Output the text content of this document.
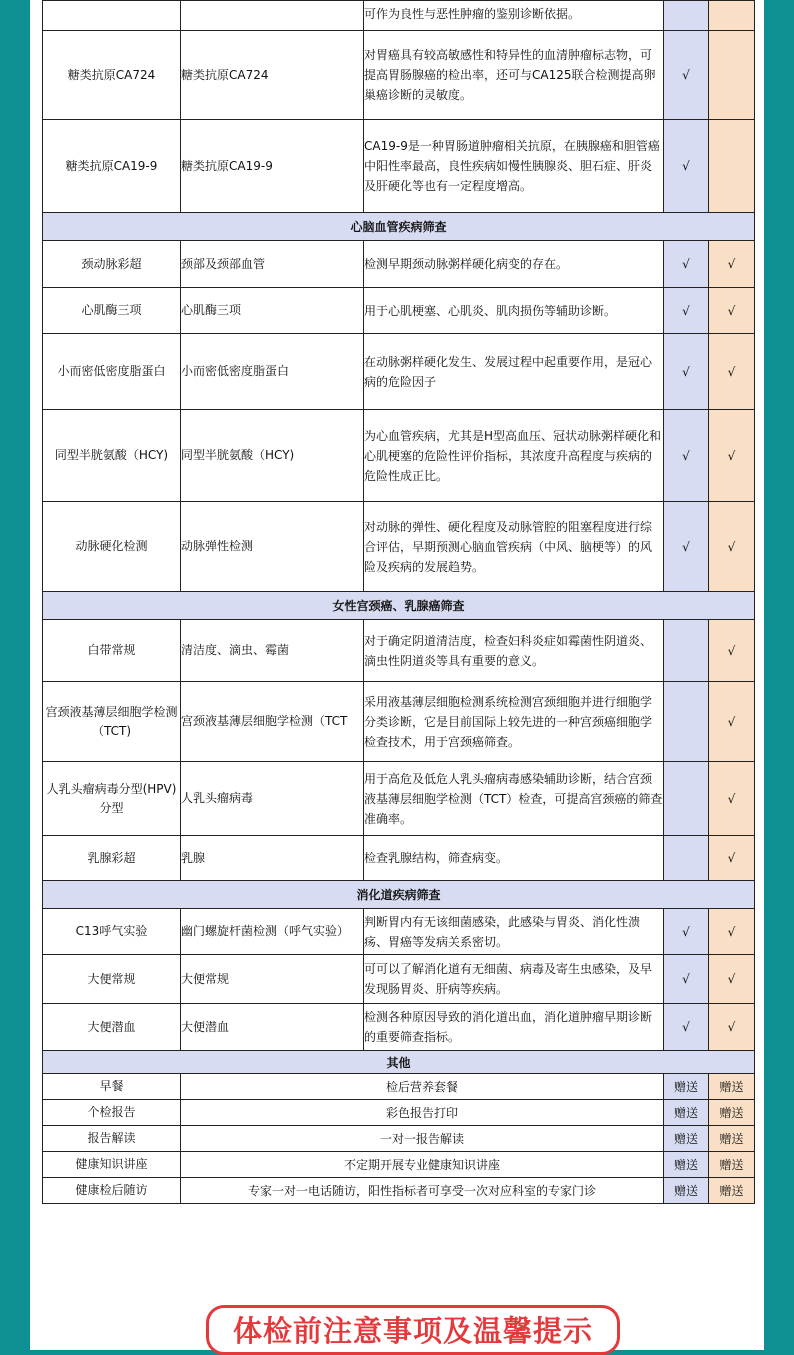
		可作为良性与恶性肿瘤的鉴别诊断依据。		
糖类抗原CA724	糖类抗原CA724	对胃癌具有较高敏感性和特异性的血清肿瘤标志物，可提高胃肠腺癌的检出率，还可与CA125联合检测提高卵巢癌诊断的灵敏度。	√	
糖类抗原CA19-9	糖类抗原CA19-9	CA19-9是一种胃肠道肿瘤相关抗原，在胰腺癌和胆管癌中阳性率最高，良性疾病如慢性胰腺炎、胆石症、肝炎及肝硬化等也有一定程度增高。	√	
心脑血管疾病筛查				
颈动脉彩超	颈部及颈部血管	检测早期颈动脉粥样硬化病变的存在。	√	√
心肌酶三项	心肌酶三项	用于心肌梗塞、心肌炎、肌肉损伤等辅助诊断。	√	√
小而密低密度脂蛋白	小而密低密度脂蛋白	在动脉粥样硬化发生、发展过程中起重要作用，是冠心病的危险因子	√	√
同型半胱氨酸（HCY)	同型半胱氨酸（HCY)	为心血管疾病，尤其是H型高血压、冠状动脉粥样硬化和心肌梗塞的危险性评价指标，其浓度升高程度与疾病的危险性成正比。	√	√
动脉硬化检测	动脉弹性检测	对动脉的弹性、硬化程度及动脉管腔的阻塞程度进行综合评估，早期预测心脑血管疾病（中风、脑梗等）的风险及疾病的发展趋势。	√	√
女性宫颈癌、乳腺癌筛查				
白带常规	清洁度、滴虫、霉菌	对于确定阴道清洁度，检查妇科炎症如霉菌性阴道炎、滴虫性阴道炎等具有重要的意义。		√
宫颈液基薄层细胞学检测（TCT)	宫颈液基薄层细胞学检测（TCT	采用液基薄层细胞检测系统检测宫颈细胞并进行细胞学分类诊断，它是目前国际上较先进的一种宫颈癌细胞学检查技术，用于宫颈癌筛查。		√
人乳头瘤病毒分型(HPV)分型	人乳头瘤病毒	用于高危及低危人乳头瘤病毒感染辅助诊断，结合宫颈液基薄层细胞学检测（TCT）检查，可提高宫颈癌的筛查准确率。		√
乳腺彩超	乳腺	检查乳腺结构，筛查病变。		√
消化道疾病筛查				
C13呼气实验	幽门螺旋杆菌检测（呼气实验）	判断胃内有无该细菌感染，此感染与胃炎、消化性溃疡、胃癌等发病关系密切。	√	√
大便常规	大便常规	可可以了解消化道有无细菌、病毒及寄生虫感染，及早发现肠胃炎、肝病等疾病。	√	√
大便潜血	大便潜血	检测各种原因导致的消化道出血，消化道肿瘤早期诊断的重要筛查指标。	√	√
其他				
早餐	检后营养套餐		赠送	赠送
个检报告	彩色报告打印		赠送	赠送
报告解读	一对一报告解读		赠送	赠送
健康知识讲座	不定期开展专业健康知识讲座		赠送	赠送
健康检后随访	专家一对一电话随访，阳性指标者可享受一次对应科室的专家门诊		赠送	赠送
体检前注意事项及温馨提示
